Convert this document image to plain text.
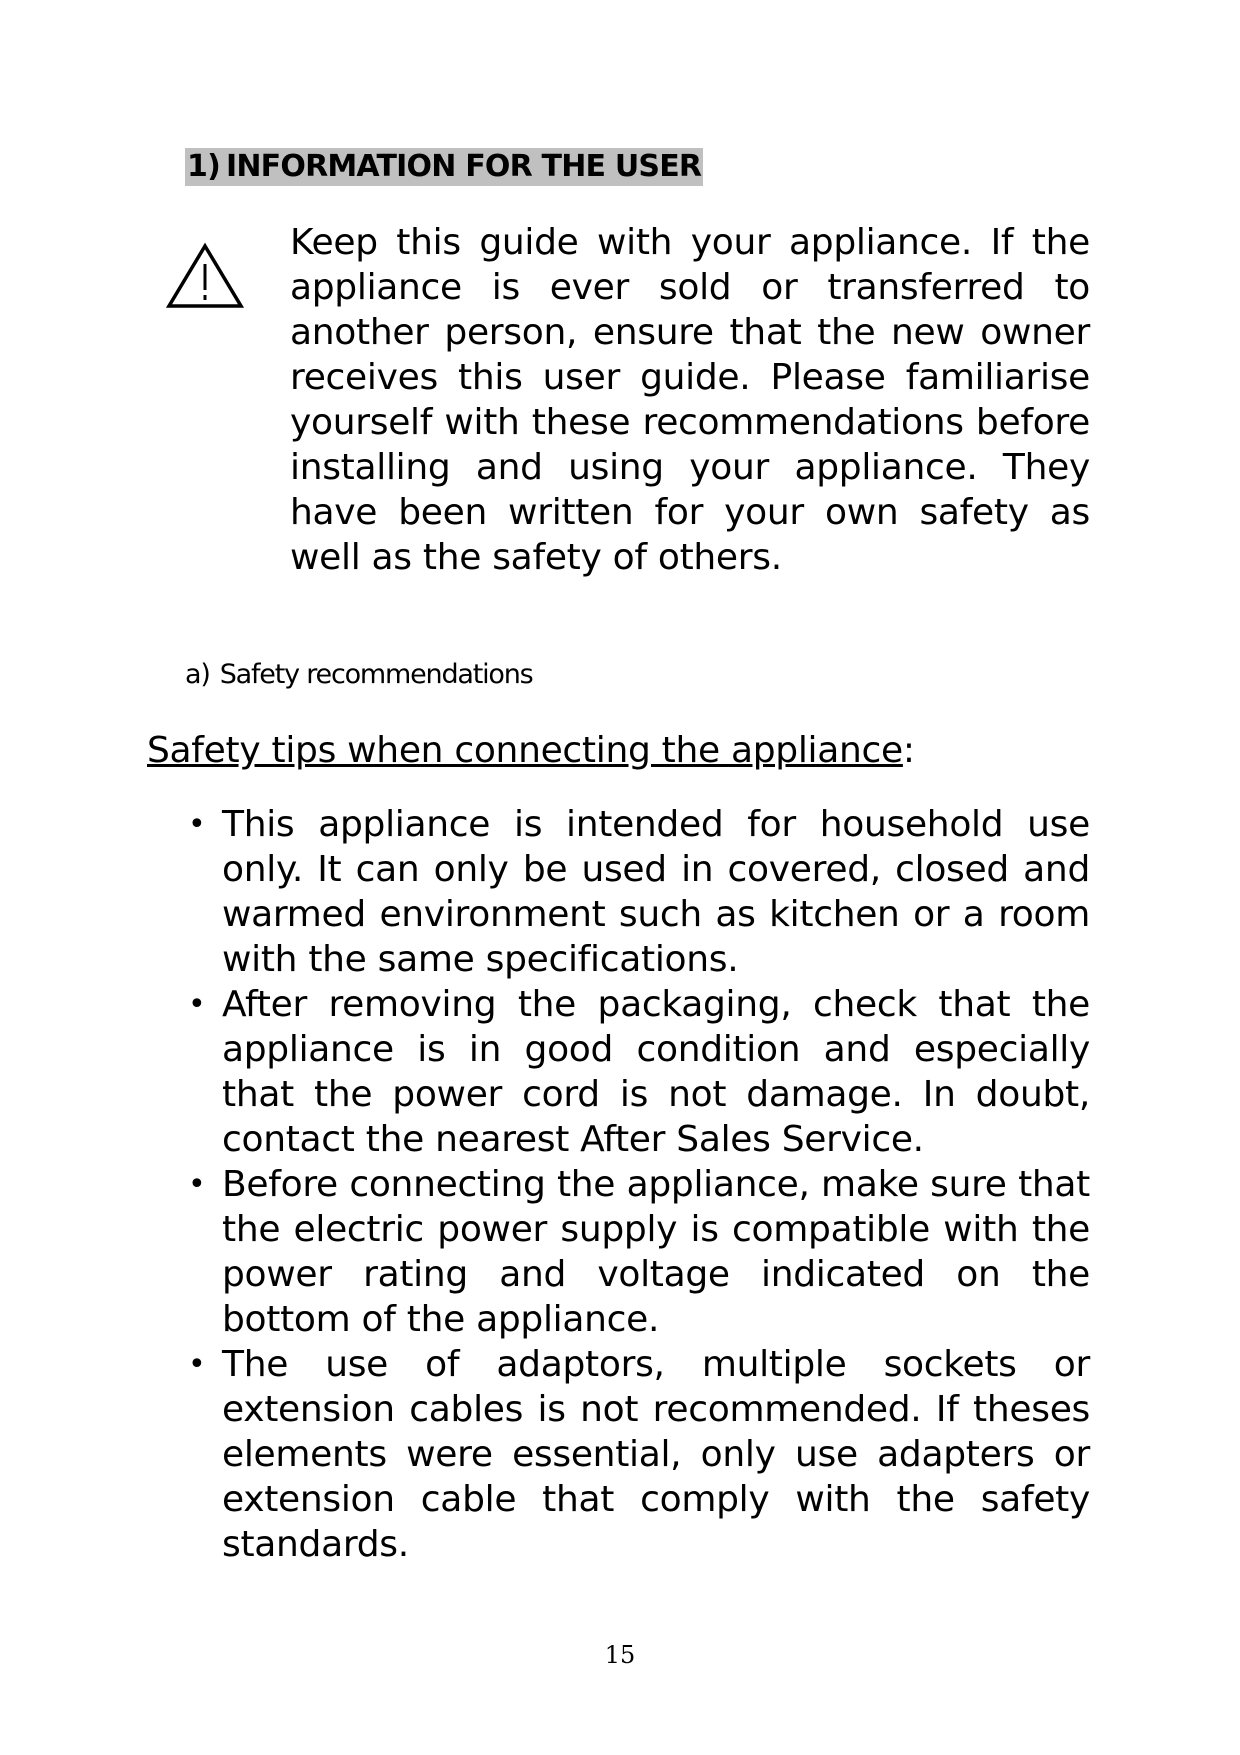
1) INFORMATION FOR THE USER
Keep this guide with your appliance. If the appliance is ever sold or transferred to another person, ensure that the new owner receives this user guide. Please familiarise yourself with these recommendations before installing and using your appliance. They have been written for your own safety as well as the safety of others.
a) Safety recommendations
Safety tips when connecting the appliance:
• This appliance is intended for household use only. It can only be used in covered, closed and warmed environment such as kitchen or a room with the same specifications.
• After removing the packaging, check that the appliance is in good condition and especially that the power cord is not damage. In doubt, contact the nearest After Sales Service.
• Before connecting the appliance, make sure that the electric power supply is compatible with the power rating and voltage indicated on the bottom of the appliance.
• The use of adaptors, multiple sockets or extension cables is not recommended. If theses elements were essential, only use adapters or extension cable that comply with the safety standards.
15
